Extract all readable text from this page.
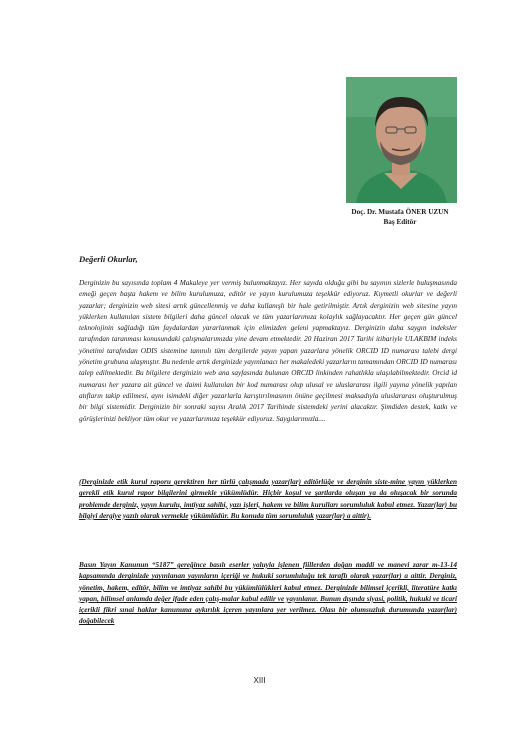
Doç. Dr. Mustafa ÖNER UZUN
Baş Editör
Değerli Okurlar,
Derginizin bu sayısında toplam 4 Makaleye yer vermiş bulunmaktayız. Her sayıda olduğu gibi bu sayının sizlerle buluşmasında emeği geçen başta hakem ve bilim kurulumuza, editör ve yayın kurulumuza teşekkür ediyoruz. Kıymetli okurlar ve değerli yazarlar; derginizin web sitesi artık güncellenmiş ve daha kullanışlı bir hale getirilmiştir. Artık derginizin web sitesine yayın yüklerken kullanılan sistem bilgileri daha güncel olacak ve tüm yazarlarımıza kolaylık sağlayacaktır. Her geçen gün güncel teknolojinin sağladığı tüm faydalardan yararlanmak için elimizden geleni yapmaktayız. Derginizin daha saygın indeksler tarafından taranması konusundaki çalışmalarımızda yine devam etmektedir. 20 Haziran 2017 Tarihi itibariyle ULAKBIM indeks yönetimi tarafından ODIS sistemine tanınılı tüm dergilerde yayın yapan yazarlara yönelik ORCID ID numarası talebi dergi yönetim grubuna ulaşmıştır. Bu nedenle artık derginizde yayınlanacı her makaledeki yazarların tamamından ORCID ID numarası talep edilmektedir. Bu bilgilere derginizin web ana sayfasında bulunan ORCID linkinden rahatlıkla ulaşılabilmektedir. Orcid id numarası her yazara ait güncel ve daimi kullanılan bir kod numarası olup ulusal ve uluslararası ilgili yayına yönelik yapılan atıfların takip edilmesi, aynı isimdeki diğer yazarlarla karıştırılmasının önüne geçilmesi maksadıyla uluslararası oluşturulmuş bir bilgi sistemidir. Derginizin bir sonraki sayısı Aralık 2017 Tarihinde sistemdeki yerini alacaktır. Şimdiden destek, katkı ve görüşlerinizi bekliyor tüm okur ve yazarlarımıza teşekkür ediyoruz. Saygılarımızla....
(Derginizde etik kurul raporu gerektiren her türlü çalışmada yazar(lar) editörlüğe ve derginin siste-mine yayın yüklerken gerekli etik kurul rapor bilgilerini girmekle yükümlüdür. Hiçbir koşul ve şartlarda oluşan ya da oluşacak bir sorunda problemde derginiz, yayın kurulu, imtiyaz sahibi, yazı işleri, hakem ve bilim kurulları sorumluluk kabul etmez. Yazar(lar) bu bilgiyi dergiye yazılı olarak vermekle yükümlüdür. Bu konuda tüm sorumluluk yazar(lar) a aittir).
Basın Yayın Kanunun “5187” gereğince basılı eserler yoluyla işlenen fiillerden doğan maddi ve manevi zarar m-13-14 kapsamında derginizde yayınlanan yayınların içeriği ve hukuki sorumluluğu tek taraflı olarak yazar(lar) a aittir. Derginiz, yönetim, hakem, editör, bilim ve imtiyaz sahibi bu yükümlülükleri kabul etmez. Derginizde bilimsel içerikli, literatüre katkı yapan, bilimsel anlamda değer ifade eden çalış-malar kabul edilir ve yayınlanır. Bunun dışında siyasi, politik, hukuki ve ticari içerikli fikri sınai haklar kanununa aykırılık içeren yayınlara yer verilmez. Olası bir olumsuzluk durumunda yazar(lar) doğabilecek
XIII
